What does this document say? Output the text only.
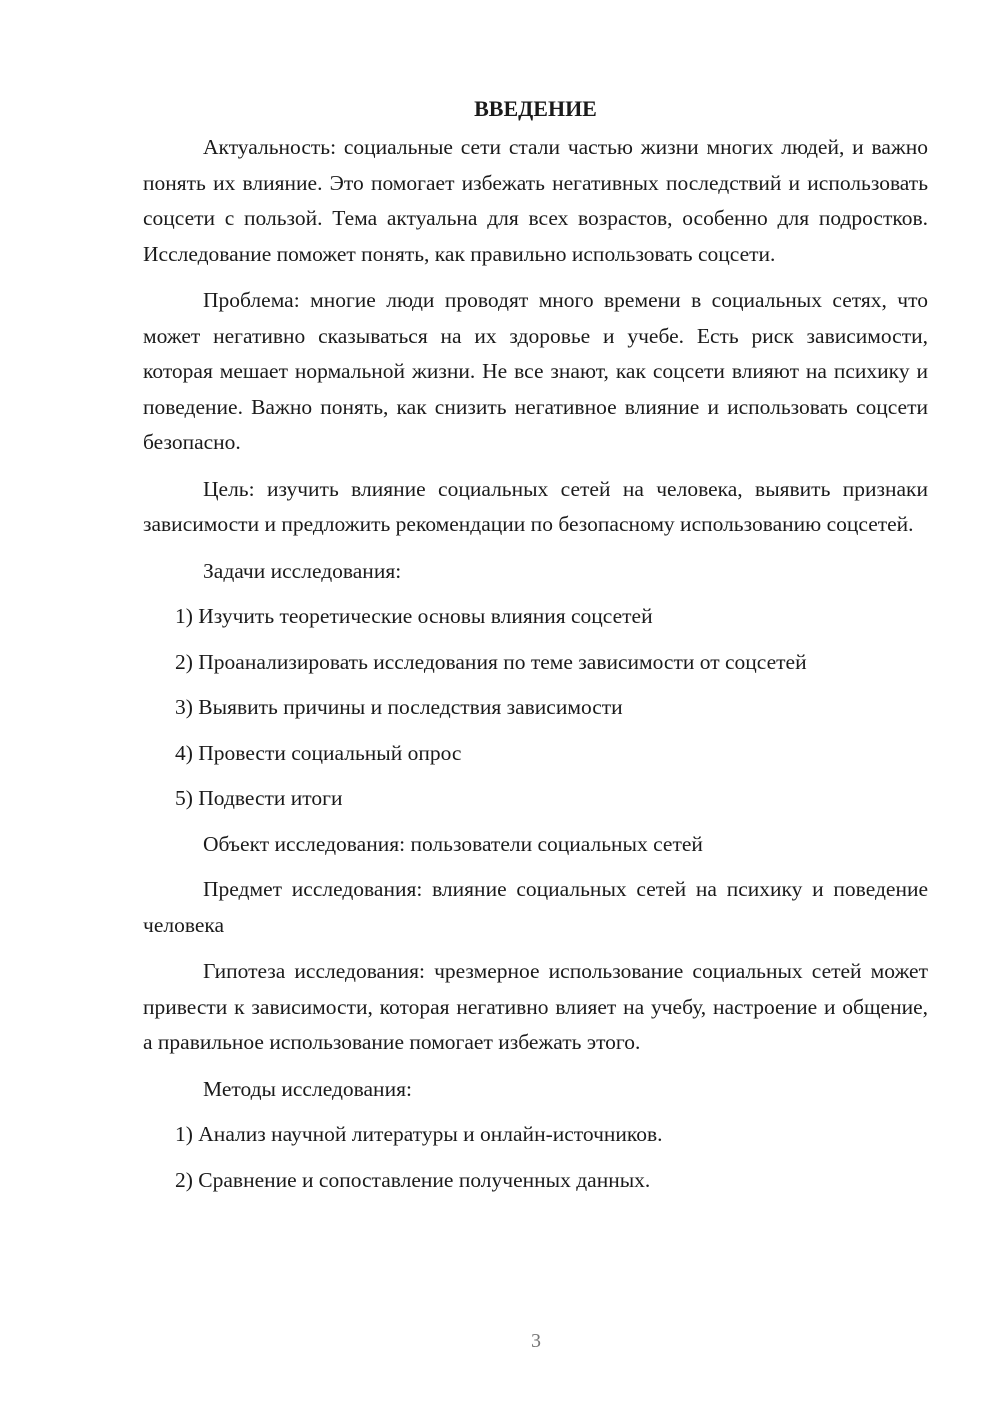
ВВЕДЕНИЕ

Актуальность: социальные сети стали частью жизни многих людей, и важно понять их влияние. Это помогает избежать негативных последствий и использовать соцсети с пользой. Тема актуальна для всех возрастов, особенно для подростков. Исследование поможет понять, как правильно использовать соцсети.

Проблема: многие люди проводят много времени в социальных сетях, что может негативно сказываться на их здоровье и учебе. Есть риск зависимости, которая мешает нормальной жизни. Не все знают, как соцсети влияют на психику и поведение. Важно понять, как снизить негативное влияние и использовать соцсети безопасно.

Цель: изучить влияние социальных сетей на человека, выявить признаки зависимости и предложить рекомендации по безопасному использованию соцсетей.

Задачи исследования:
1) Изучить теоретические основы влияния соцсетей
2) Проанализировать исследования по теме зависимости от соцсетей
3) Выявить причины и последствия зависимости
4) Провести социальный опрос
5) Подвести итоги
Объект исследования: пользователи социальных сетей

Предмет исследования: влияние социальных сетей на психику и поведение человека

Гипотеза исследования: чрезмерное использование социальных сетей может привести к зависимости, которая негативно влияет на учебу, настроение и общение, а правильное использование помогает избежать этого.

Методы исследования:
1) Анализ научной литературы и онлайн-источников.
2) Сравнение и сопоставление полученных данных.
3
